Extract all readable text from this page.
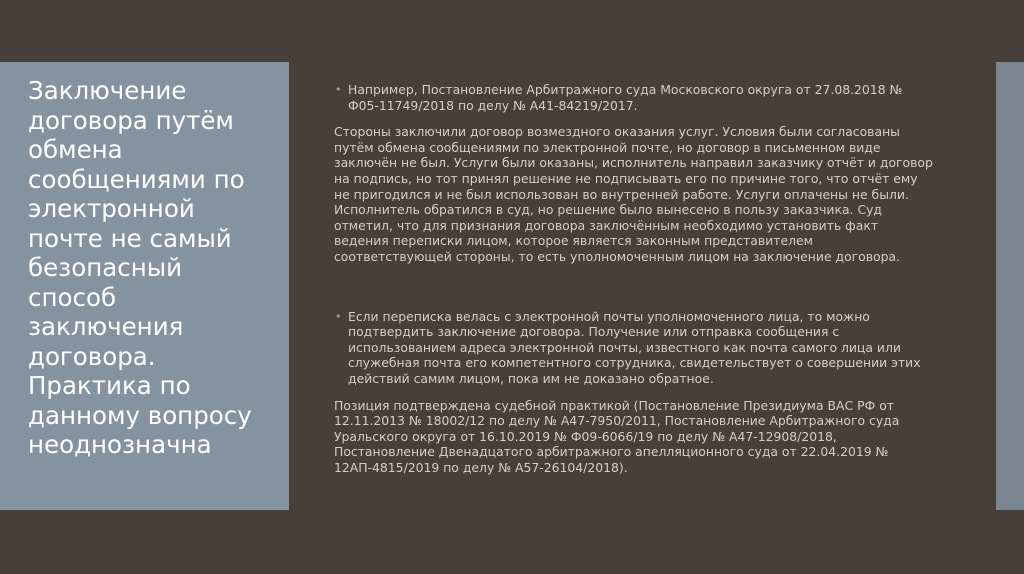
Заключение договора путём обмена сообщениями по электронной почте не самый безопасный способ заключения договора. Практика по данному вопросу неоднозначна

• Например, Постановление Арбитражного суда Московского округа от 27.08.2018 № Ф05-11749/2018 по делу № А41-84219/2017.

Стороны заключили договор возмездного оказания услуг. Условия были согласованы путём обмена сообщениями по электронной почте, но договор в письменном виде заключён не был. Услуги были оказаны, исполнитель направил заказчику отчёт и договор на подпись, но тот принял решение не подписывать его по причине того, что отчёт ему не пригодился и не был использован во внутренней работе. Услуги оплачены не были. Исполнитель обратился в суд, но решение было вынесено в пользу заказчика. Суд отметил, что для признания договора заключённым необходимо установить факт ведения переписки лицом, которое является законным представителем соответствующей стороны, то есть уполномоченным лицом на заключение договора.

• Если переписка велась с электронной почты уполномоченного лица, то можно подтвердить заключение договора. Получение или отправка сообщения с использованием адреса электронной почты, известного как почта самого лица или служебная почта его компетентного сотрудника, свидетельствует о совершении этих действий самим лицом, пока им не доказано обратное.

Позиция подтверждена судебной практикой (Постановление Президиума ВАС РФ от 12.11.2013 № 18002/12 по делу № А47-7950/2011, Постановление Арбитражного суда Уральского округа от 16.10.2019 № Ф09-6066/19 по делу № А47-12908/2018, Постановление Двенадцатого арбитражного апелляционного суда от 22.04.2019 № 12АП-4815/2019 по делу № А57-26104/2018).
